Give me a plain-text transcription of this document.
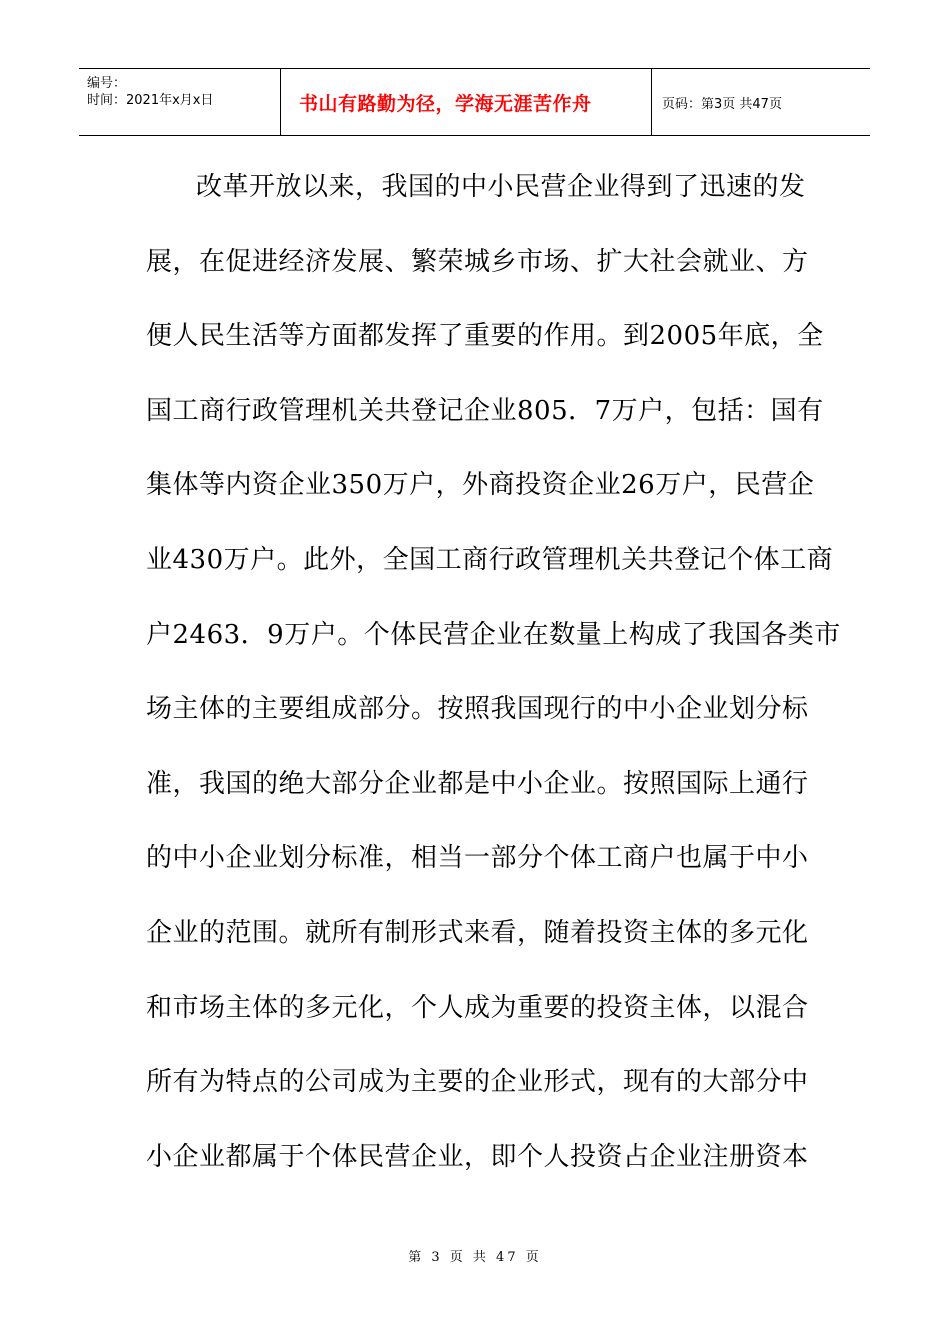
编号：
时间：2021年x月x日	书山有路勤为径，学海无涯苦作舟	页码：第3页 共47页
改革开放以来，我国的中小民营企业得到了迅速的发
展，在促进经济发展、繁荣城乡市场、扩大社会就业、方
便人民生活等方面都发挥了重要的作用。到2005年底，全
国工商行政管理机关共登记企业805．7万户，包括：国有
集体等内资企业350万户，外商投资企业26万户，民营企
业430万户。此外，全国工商行政管理机关共登记个体工商
户2463．9万户。个体民营企业在数量上构成了我国各类市
场主体的主要组成部分。按照我国现行的中小企业划分标
准，我国的绝大部分企业都是中小企业。按照国际上通行
的中小企业划分标准，相当一部分个体工商户也属于中小
企业的范围。就所有制形式来看，随着投资主体的多元化
和市场主体的多元化，个人成为重要的投资主体，以混合
所有为特点的公司成为主要的企业形式，现有的大部分中
小企业都属于个体民营企业，即个人投资占企业注册资本
第 3 页 共 47 页
